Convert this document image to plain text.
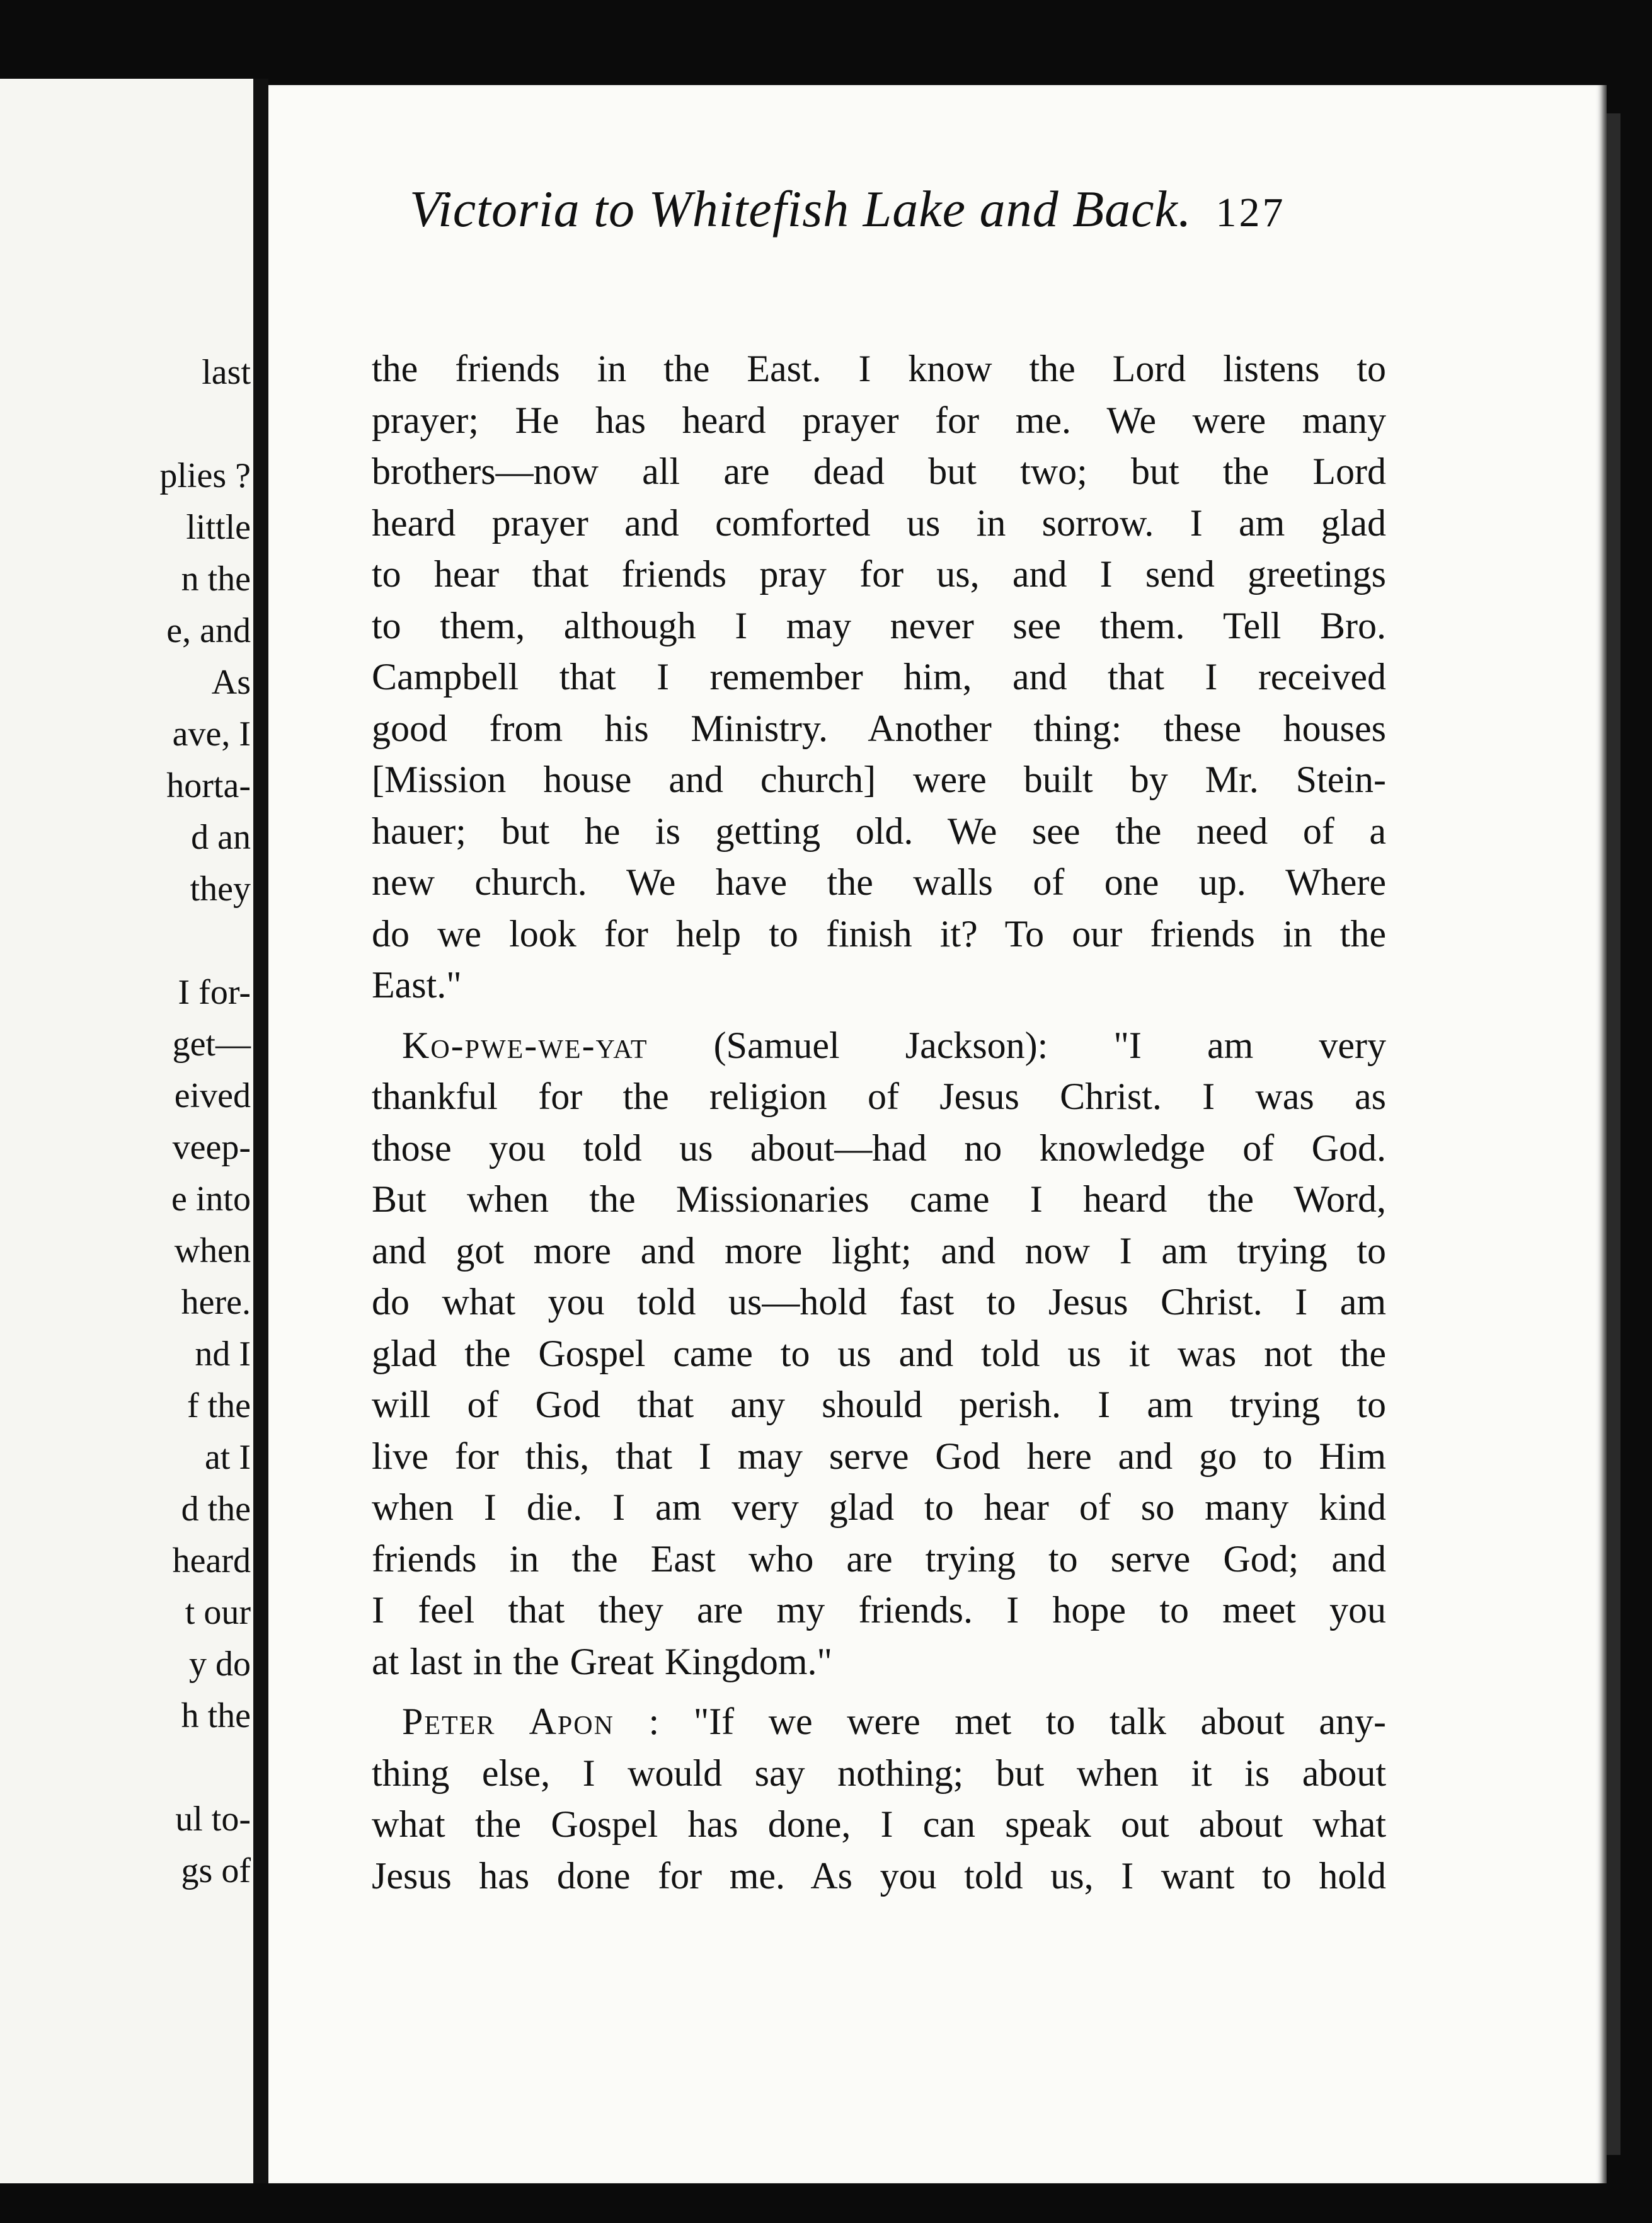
last
plies ?
little
n the
e, and
As
ave, I
horta-
d an
they
I for-
get—
eived
veep-
e into
when
here.
nd I
f the
at I
d the
heard
t our
y do
h the
ul to-
gs of
Victoria to Whitefish Lake and Back. 127

the friends in the East. I know the Lord listens to
prayer; He has heard prayer for me. We were many
brothers—now all are dead but two; but the Lord
heard prayer and comforted us in sorrow. I am glad
to hear that friends pray for us, and I send greetings
to them, although I may never see them. Tell Bro.
Campbell that I remember him, and that I received
good from his Ministry. Another thing: these houses
[Mission house and church] were built by Mr. Stein-
hauer; but he is getting old. We see the need of a
new church. We have the walls of one up. Where
do we look for help to finish it? To our friends in the
East."

Ko-pwe-we-yat (Samuel Jackson): "I am very
thankful for the religion of Jesus Christ. I was as
those you told us about—had no knowledge of God.
But when the Missionaries came I heard the Word,
and got more and more light; and now I am trying to
do what you told us—hold fast to Jesus Christ. I am
glad the Gospel came to us and told us it was not the
will of God that any should perish. I am trying to
live for this, that I may serve God here and go to Him
when I die. I am very glad to hear of so many kind
friends in the East who are trying to serve God; and
I feel that they are my friends. I hope to meet you
at last in the Great Kingdom."

Peter Apon : "If we were met to talk about any-
thing else, I would say nothing; but when it is about
what the Gospel has done, I can speak out about what
Jesus has done for me. As you told us, I want to hold
